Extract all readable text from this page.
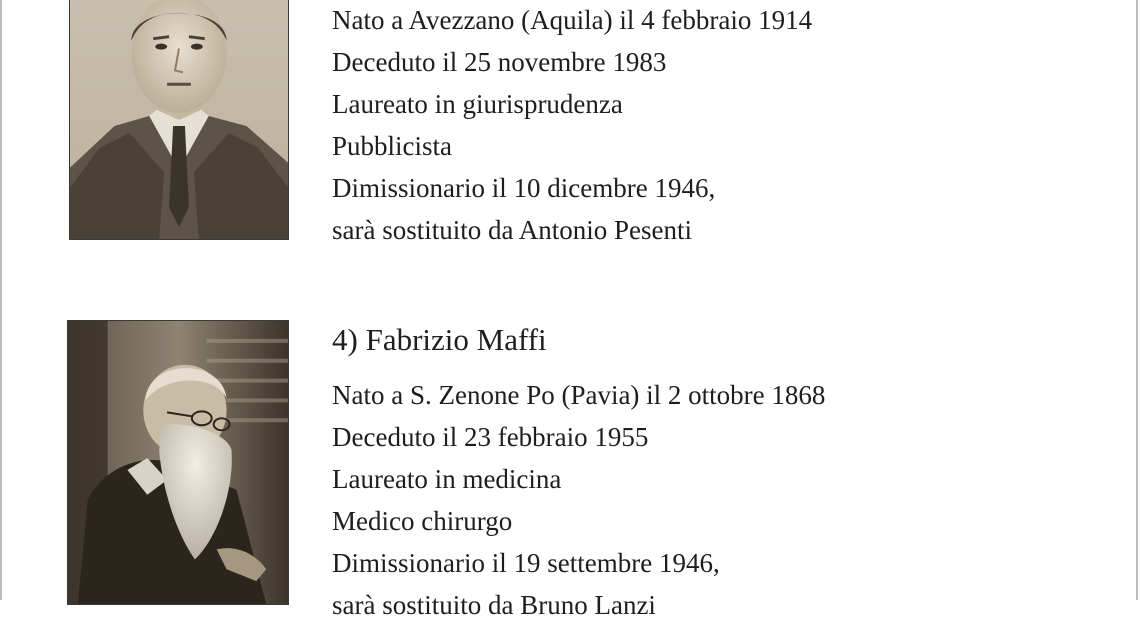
Nato a Avezzano (Aquila) il 4 febbraio 1914
Deceduto il 25 novembre 1983
Laureato in giurisprudenza
Pubblicista
Dimissionario il 10 dicembre 1946,
sarà sostituito da Antonio Pesenti
4) Fabrizio Maffi
Nato a S. Zenone Po (Pavia) il 2 ottobre 1868
Deceduto il 23 febbraio 1955
Laureato in medicina
Medico chirurgo
Dimissionario il 19 settembre 1946,
sarà sostituito da Bruno Lanzi
